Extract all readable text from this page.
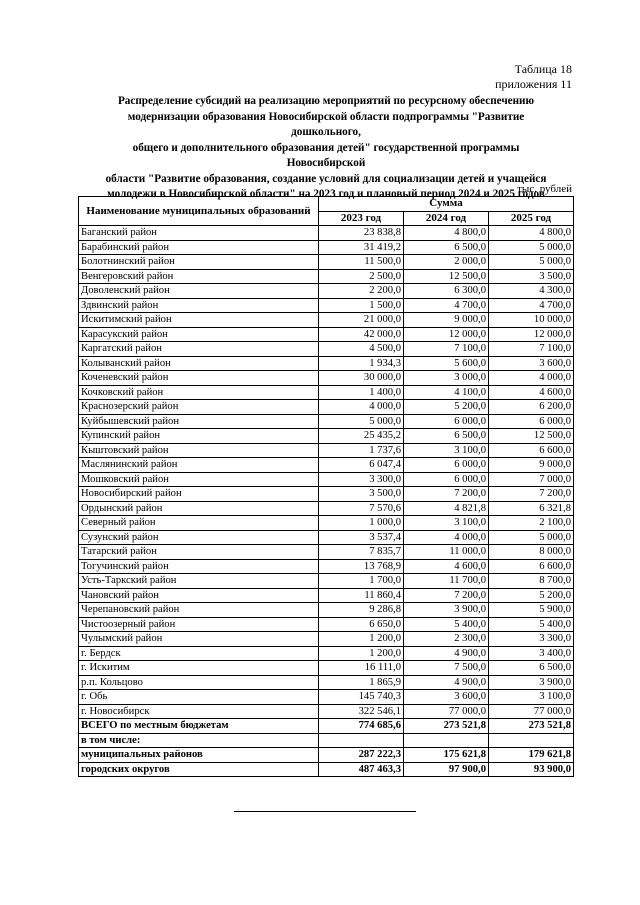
Таблица 18
приложения 11
Распределение субсидий на реализацию мероприятий по ресурсному обеспечению
модернизации образования Новосибирской области подпрограммы "Развитие дошкольного,
общего и дополнительного образования детей" государственной программы Новосибирской
области "Развитие образования, создание условий для социализации детей и учащейся
молодежи в Новосибирской области" на 2023 год и плановый период 2024 и 2025 годов
тыс. рублей
Наименование муниципальных образований	Сумма		
	2023 год	2024 год	2025 год
Баганский район	23 838,8	4 800,0	4 800,0
Барабинский район	31 419,2	6 500,0	5 000,0
Болотнинский район	11 500,0	2 000,0	5 000,0
Венгеровский район	2 500,0	12 500,0	3 500,0
Доволенский район	2 200,0	6 300,0	4 300,0
Здвинский район	1 500,0	4 700,0	4 700,0
Искитимский район	21 000,0	9 000,0	10 000,0
Карасукский район	42 000,0	12 000,0	12 000,0
Каргатский район	4 500,0	7 100,0	7 100,0
Колыванский район	1 934,3	5 600,0	3 600,0
Коченевский район	30 000,0	3 000,0	4 000,0
Кочковский район	1 400,0	4 100,0	4 600,0
Краснозерский район	4 000,0	5 200,0	6 200,0
Куйбышевский район	5 000,0	6 000,0	6 000,0
Купинский район	25 435,2	6 500,0	12 500,0
Кыштовский район	1 737,6	3 100,0	6 600,0
Маслянинский район	6 047,4	6 000,0	9 000,0
Мошковский район	3 300,0	6 000,0	7 000,0
Новосибирский район	3 500,0	7 200,0	7 200,0
Ордынский район	7 570,6	4 821,8	6 321,8
Северный район	1 000,0	3 100,0	2 100,0
Сузунский район	3 537,4	4 000,0	5 000,0
Татарский район	7 835,7	11 000,0	8 000,0
Тогучинский район	13 768,9	4 600,0	6 600,0
Усть-Таркский район	1 700,0	11 700,0	8 700,0
Чановский район	11 860,4	7 200,0	5 200,0
Черепановский район	9 286,8	3 900,0	5 900,0
Чистоозерный район	6 650,0	5 400,0	5 400,0
Чулымский район	1 200,0	2 300,0	3 300,0
г. Бердск	1 200,0	4 900,0	3 400,0
г. Искитим	16 111,0	7 500,0	6 500,0
р.п. Кольцово	1 865,9	4 900,0	3 900,0
г. Обь	145 740,3	3 600,0	3 100,0
г. Новосибирск	322 546,1	77 000,0	77 000,0
ВСЕГО по местным бюджетам	774 685,6	273 521,8	273 521,8
в том числе:			
муниципальных районов	287 222,3	175 621,8	179 621,8
городских округов	487 463,3	97 900,0	93 900,0
